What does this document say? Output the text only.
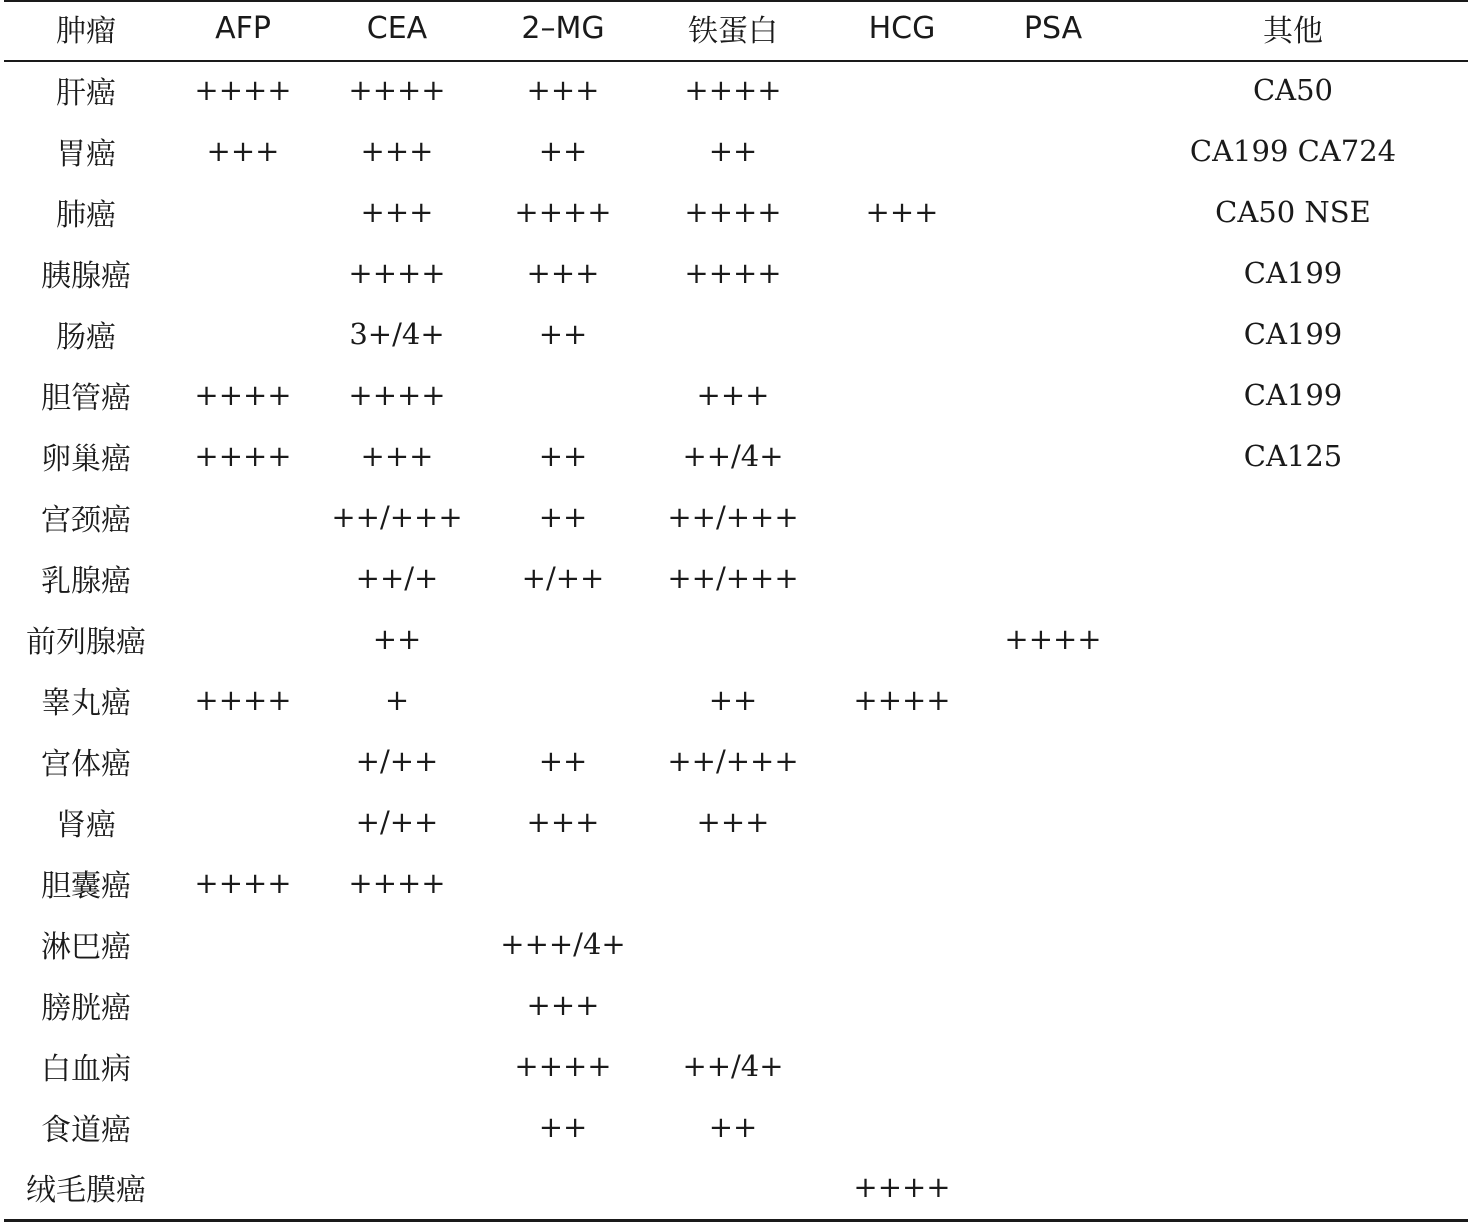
肿瘤	AFP	CEA	2–MG	铁蛋白	HCG	PSA	其他
肝癌	++++	++++	+++	++++			CA50
胃癌	+++	+++	++	++			CA199 CA724
肺癌		+++	++++	++++	+++		CA50 NSE
胰腺癌		++++	+++	++++			CA199
肠癌		3+/4+	++				CA199
胆管癌	++++	++++		+++			CA199
卵巢癌	++++	+++	++	++/4+			CA125
宫颈癌		++/+++	++	++/+++			
乳腺癌		++/+	+/++	++/+++			
前列腺癌		++				++++	
睾丸癌	++++	+		++	++++		
宫体癌		+/++	++	++/+++			
肾癌		+/++	+++	+++			
胆囊癌	++++	++++					
淋巴癌			+++/4+				
膀胱癌			+++				
白血病			++++	++/4+			
食道癌			++	++			
绒毛膜癌					++++		
